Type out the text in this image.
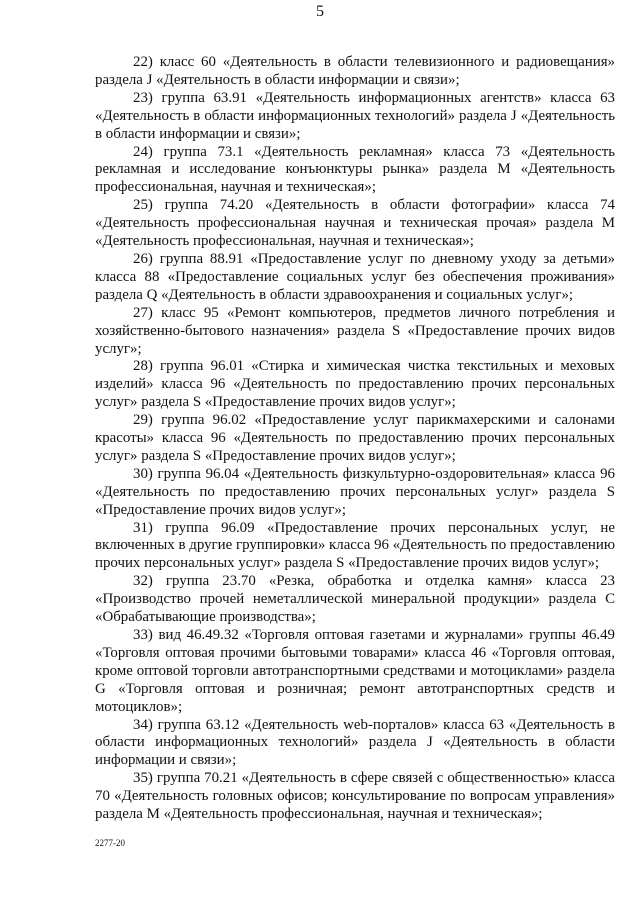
5

22) класс 60 «Деятельность в области телевизионного и радиовещания» раздела J «Деятельность в области информации и связи»;

23) группа 63.91 «Деятельность информационных агентств» класса 63 «Деятельность в области информационных технологий» раздела J «Деятельность в области информации и связи»;

24) группа 73.1 «Деятельность рекламная» класса 73 «Деятельность рекламная и исследование конъюнктуры рынка» раздела М «Деятельность профессиональная, научная и техническая»;

25) группа 74.20 «Деятельность в области фотографии» класса 74 «Деятельность профессиональная научная и техническая прочая» раздела М «Деятельность профессиональная, научная и техническая»;

26) группа 88.91 «Предоставление услуг по дневному уходу за детьми» класса 88 «Предоставление социальных услуг без обеспечения проживания» раздела Q «Деятельность в области здравоохранения и социальных услуг»;

27) класс 95 «Ремонт компьютеров, предметов личного потребления и хозяйственно-бытового назначения» раздела S «Предоставление прочих видов услуг»;

28) группа 96.01 «Стирка и химическая чистка текстильных и меховых изделий» класса 96 «Деятельность по предоставлению прочих персональных услуг» раздела S «Предоставление прочих видов услуг»;

29) группа 96.02 «Предоставление услуг парикмахерскими и салонами красоты» класса 96 «Деятельность по предоставлению прочих персональных услуг» раздела S «Предоставление прочих видов услуг»;

30) группа 96.04 «Деятельность физкультурно-оздоровительная» класса 96 «Деятельность по предоставлению прочих персональных услуг» раздела S «Предоставление прочих видов услуг»;

31) группа 96.09 «Предоставление прочих персональных услуг, не включенных в другие группировки» класса 96 «Деятельность по предоставлению прочих персональных услуг» раздела S «Предоставление прочих видов услуг»;

32) группа 23.70 «Резка, обработка и отделка камня» класса 23 «Производство прочей неметаллической минеральной продукции» раздела С «Обрабатывающие производства»;

33) вид 46.49.32 «Торговля оптовая газетами и журналами» группы 46.49 «Торговля оптовая прочими бытовыми товарами» класса 46 «Торговля оптовая, кроме оптовой торговли автотранспортными средствами и мотоциклами» раздела G «Торговля оптовая и розничная; ремонт автотранспортных средств и мотоциклов»;

34) группа 63.12 «Деятельность web-порталов» класса 63 «Деятельность в области информационных технологий» раздела J «Деятельность в области информации и связи»;

35) группа 70.21 «Деятельность в сфере связей с общественностью» класса 70 «Деятельность головных офисов; консультирование по вопросам управления» раздела М «Деятельность профессиональная, научная и техническая»;

2277-20
